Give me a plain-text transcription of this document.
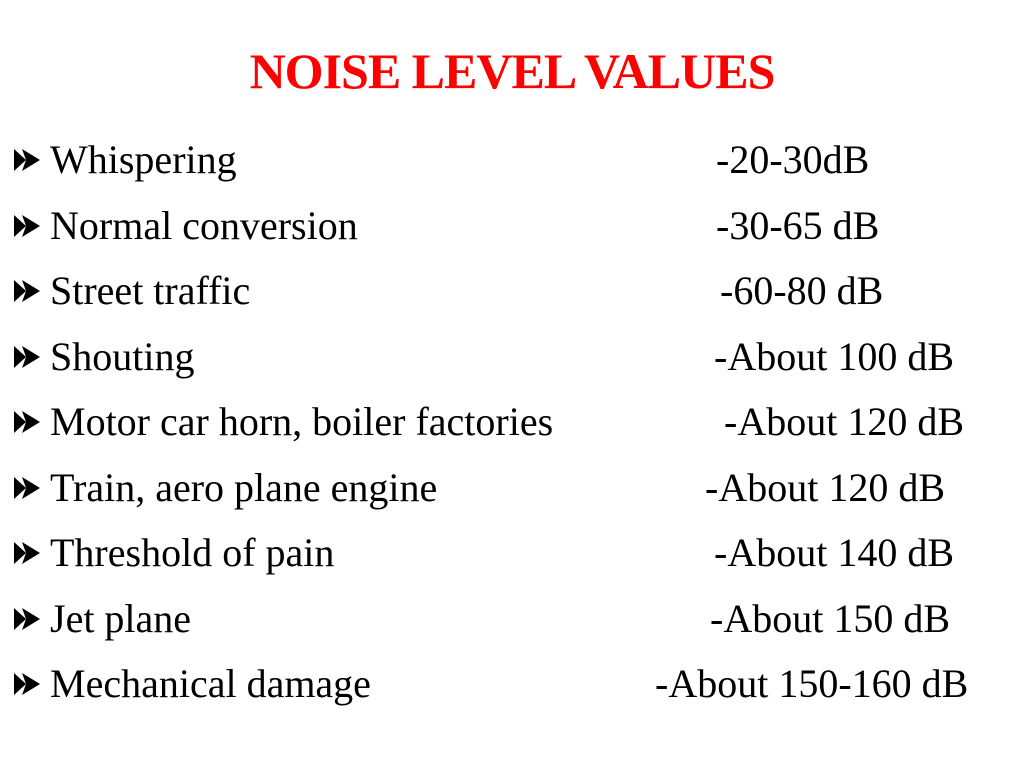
NOISE LEVEL VALUES
Whispering	-20-30dB
Normal conversion	-30-65 dB
Street traffic	-60-80 dB
Shouting	-About 100 dB
Motor car horn, boiler factories	-About 120 dB
Train, aero plane engine	-About 120 dB
Threshold of pain	-About 140 dB
Jet plane	-About 150 dB
Mechanical damage	-About 150-160 dB
